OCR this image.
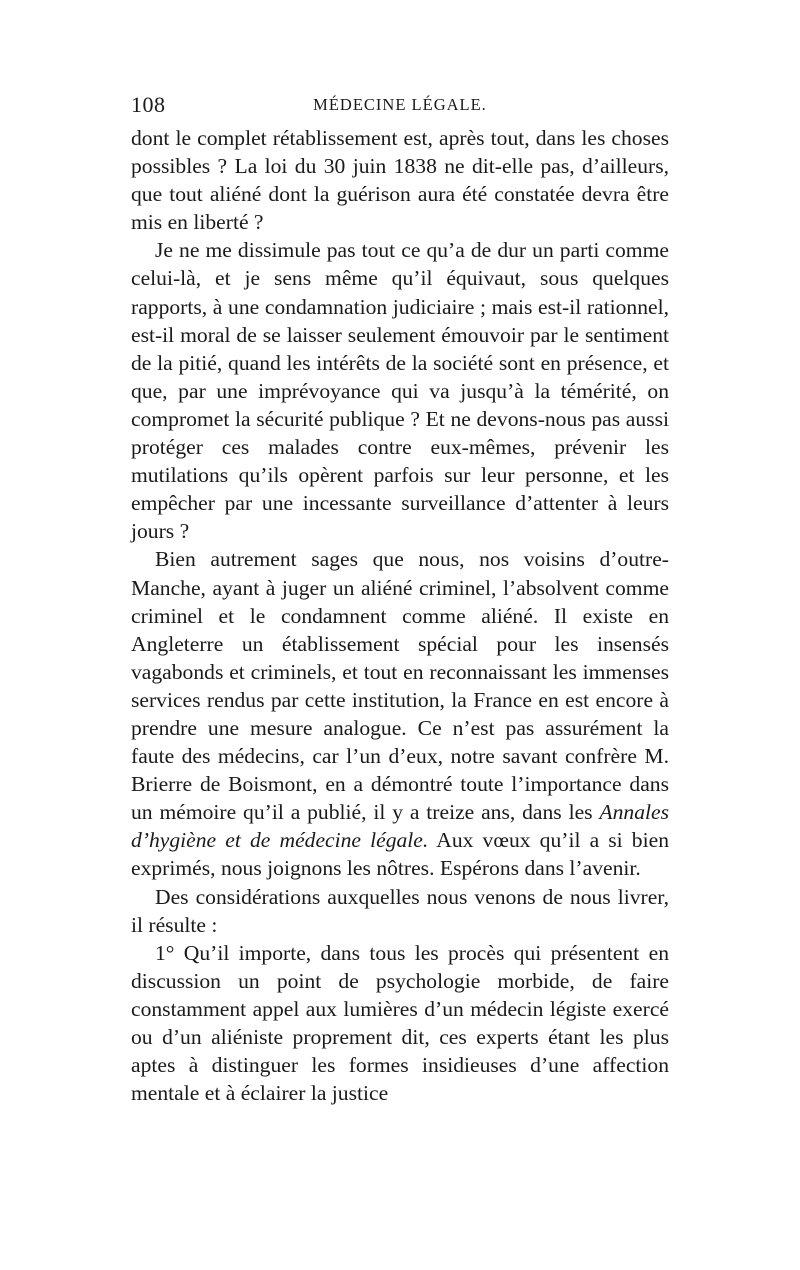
108	MÉDECINE LÉGALE.

dont le complet rétablissement est, après tout, dans les choses possibles ? La loi du 30 juin 1838 ne dit-elle pas, d’ailleurs, que tout aliéné dont la guérison aura été constatée devra être mis en liberté ?

Je ne me dissimule pas tout ce qu’a de dur un parti comme celui-là, et je sens même qu’il équivaut, sous quelques rapports, à une condamnation judiciaire ; mais est-il rationnel, est-il moral de se laisser seulement émouvoir par le sentiment de la pitié, quand les intérêts de la société sont en présence, et que, par une imprévoyance qui va jusqu’à la témérité, on compromet la sécurité publique ? Et ne devons-nous pas aussi protéger ces malades contre eux-mêmes, prévenir les mutilations qu’ils opèrent parfois sur leur personne, et les empêcher par une incessante surveillance d’attenter à leurs jours ?

Bien autrement sages que nous, nos voisins d’outre-Manche, ayant à juger un aliéné criminel, l’absolvent comme criminel et le condamnent comme aliéné. Il existe en Angleterre un établissement spécial pour les insensés vagabonds et criminels, et tout en reconnaissant les immenses services rendus par cette institution, la France en est encore à prendre une mesure analogue. Ce n’est pas assurément la faute des médecins, car l’un d’eux, notre savant confrère M. Brierre de Boismont, en a démontré toute l’importance dans un mémoire qu’il a publié, il y a treize ans, dans les Annales d’hygiène et de médecine légale. Aux vœux qu’il a si bien exprimés, nous joignons les nôtres. Espérons dans l’avenir.

Des considérations auxquelles nous venons de nous livrer, il résulte :

1° Qu’il importe, dans tous les procès qui présentent en discussion un point de psychologie morbide, de faire constamment appel aux lumières d’un médecin légiste exercé ou d’un aliéniste proprement dit, ces experts étant les plus aptes à distinguer les formes insidieuses d’une affection mentale et à éclairer la justice
